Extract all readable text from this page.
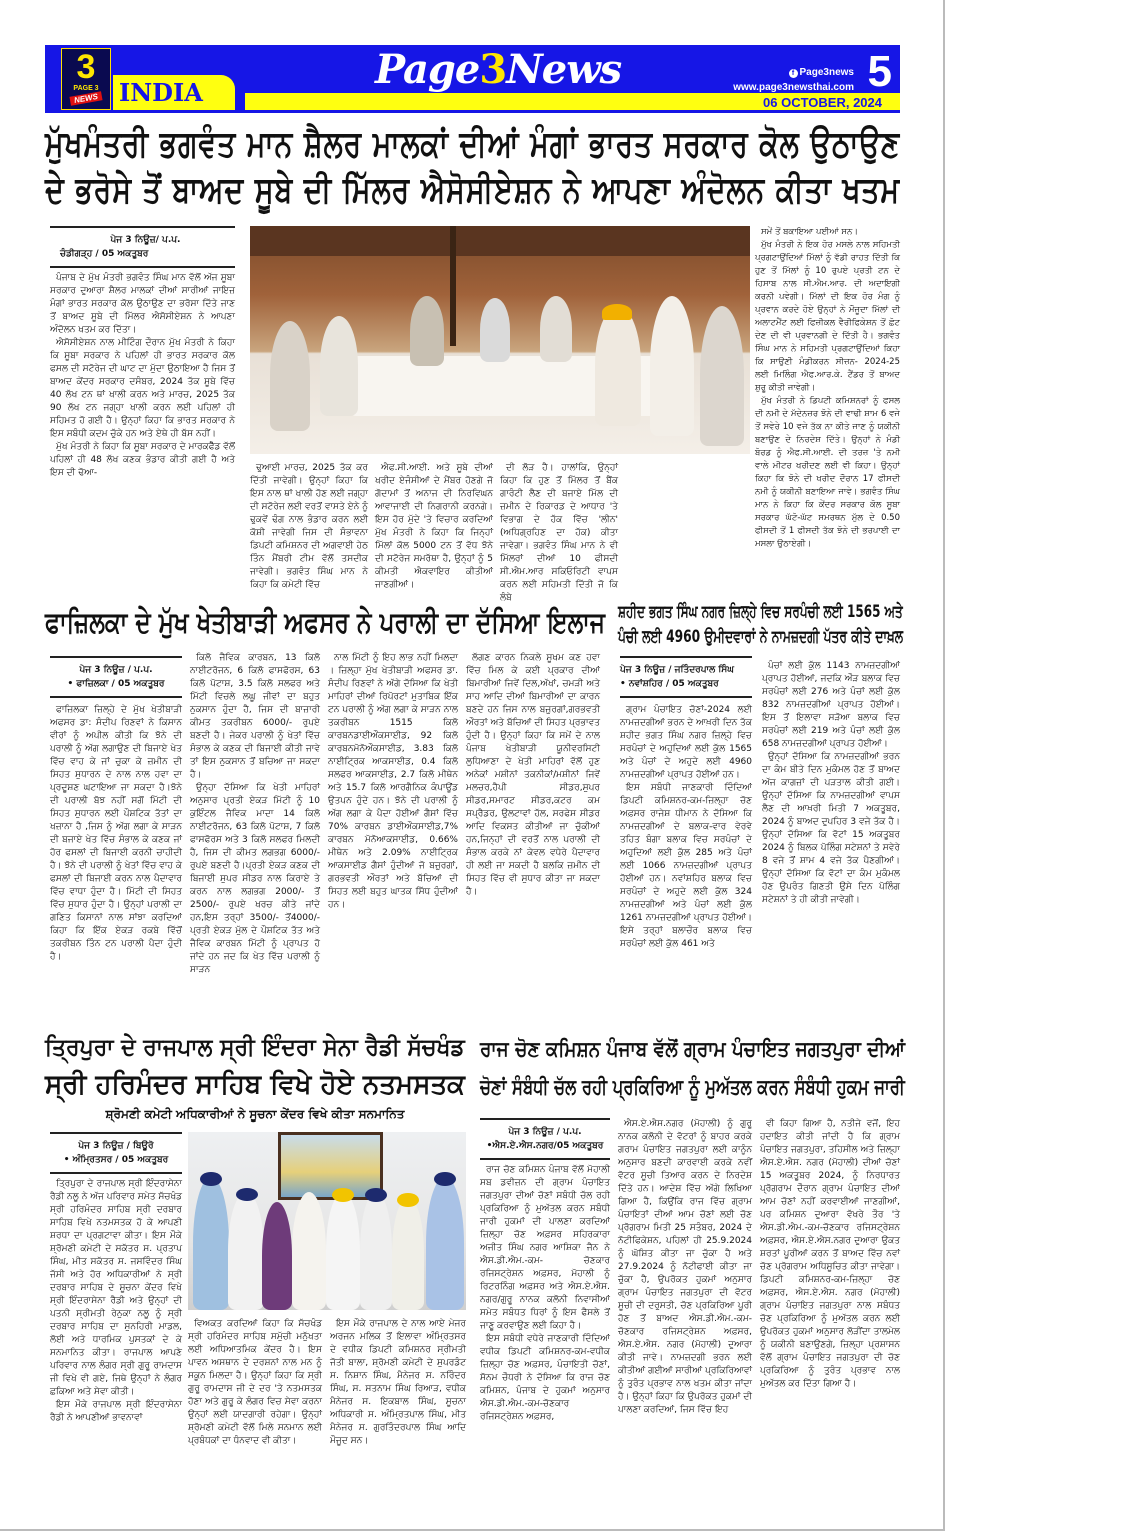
INDIA
3
PAGE 3
NEWS
Page3News	f Page3news
www.page3newsthai.com 5
06 OCTOBER, 2024
ਮੁੱਖਮੰਤਰੀ ਭਗਵੰਤ ਮਾਨ ਸ਼ੈਲਰ ਮਾਲਕਾਂ ਦੀਆਂ ਮੰਗਾਂ ਭਾਰਤ ਸਰਕਾਰ ਕੋਲ ਉਠਾਉਣ
ਦੇ ਭਰੋਸੇ ਤੋਂ ਬਾਅਦ ਸੂਬੇ ਦੀ ਮਿੱਲਰ ਐਸੋਸੀਏਸ਼ਨ ਨੇ ਆਪਣਾ ਅੰਦੋਲਨ ਕੀਤਾ ਖਤਮ
ਪੇਜ 3 ਨਿਊਜ਼/ ਪ.ਪ.
ਚੰਡੀਗੜ੍ਹ / 05 ਅਕਤੂਬਰ

ਪੰਜਾਬ ਦੇ ਮੁੱਖ ਮੰਤਰੀ ਭਗਵੰਤ ਸਿੰਘ ਮਾਨ ਵੱਲੋਂ ਅੱਜ ਸੂਬਾ ਸਰਕਾਰ ਦੁਆਰਾ ਸ਼ੈਲਰ ਮਾਲਕਾਂ ਦੀਆਂ ਸਾਰੀਆਂ ਜਾਇਜ਼ ਮੰਗਾਂ ਭਾਰਤ ਸਰਕਾਰ ਕੋਲ ਉਠਾਉਣ ਦਾ ਭਰੋਸਾ ਦਿੱਤੇ ਜਾਣ ਤੋਂ ਬਾਅਦ ਸੂਬੇ ਦੀ ਮਿੱਲਰ ਐਸੋਸੀਏਸ਼ਨ ਨੇ ਆਪਣਾ ਅੰਦੋਲਨ ਖਤਮ ਕਰ ਦਿੱਤਾ।

ਐਸੋਸੀਏਸ਼ਨ ਨਾਲ ਮੀਟਿੰਗ ਦੌਰਾਨ ਮੁੱਖ ਮੰਤਰੀ ਨੇ ਕਿਹਾ ਕਿ ਸੂਬਾ ਸਰਕਾਰ ਨੇ ਪਹਿਲਾਂ ਹੀ ਭਾਰਤ ਸਰਕਾਰ ਕੋਲ ਫਸਲ ਦੀ ਸਟੋਰੇਜ ਦੀ ਘਾਟ ਦਾ ਮੁੱਦਾ ਉਠਾਇਆ ਹੈ ਜਿਸ ਤੋਂ ਬਾਅਦ ਕੇਂਦਰ ਸਰਕਾਰ ਦਸੰਬਰ, 2024 ਤੱਕ ਸੂਬੇ ਵਿੱਚ 40 ਲੱਖ ਟਨ ਥਾਂ ਖਾਲੀ ਕਰਨ ਅਤੇ ਮਾਰਚ, 2025 ਤੱਕ 90 ਲੱਖ ਟਨ ਜਗ੍ਹਾ ਖਾਲੀ ਕਰਨ ਲਈ ਪਹਿਲਾਂ ਹੀ ਸਹਿਮਤ ਹੋ ਗਈ ਹੈ। ਉਨ੍ਹਾਂ ਕਿਹਾ ਕਿ ਭਾਰਤ ਸਰਕਾਰ ਨੇ ਇਸ ਸਬੰਧੀ ਕਦਮ ਚੁੱਕੇ ਹਨ ਅਤੇ ਏਥੇ ਹੀ ਬੱਸ ਨਹੀਂ।

ਮੁੱਖ ਮੰਤਰੀ ਨੇ ਕਿਹਾ ਕਿ ਸੂਬਾ ਸਰਕਾਰ ਦੇ ਮਾਰਕਫੈੱਡ ਵੱਲੋਂ ਪਹਿਲਾਂ ਹੀ 48 ਲੱਖ ਕਣਕ ਭੰਡਾਰ ਕੀਤੀ ਗਈ ਹੈ ਅਤੇ ਇਸ ਦੀ ਢੋਆ-	ਢੁਆਈ ਮਾਰਚ, 2025 ਤੱਕ ਕਰ ਦਿੱਤੀ ਜਾਵੇਗੀ। ਉਨ੍ਹਾਂ ਕਿਹਾ ਕਿ ਇਸ ਨਾਲ ਥਾਂ ਖਾਲੀ ਹੋਣ ਲਈ ਜਗ੍ਹਾ ਦੀ ਸਟੋਰੇਜ ਲਈ ਵਰਤੋਂ ਵਾਸਤੇ ਏਨੇ ਨੂੰ ਢੁਕਵੇਂ ਢੰਗ ਨਾਲ ਭੰਡਾਰ ਕਰਨ ਲਈ ਕੋਸ਼ੀ ਜਾਵੇਗੀ ਜਿਸ ਦੀ ਸੰਭਾਵਨਾ ਡਿਪਟੀ ਕਮਿਸ਼ਨਰ ਦੀ ਅਗਵਾਈ ਹੇਠ ਤਿੰਨ ਮੈਂਬਰੀ ਟੀਮ ਵੱਲੋਂ ਤਸਦੀਕ ਜਾਵੇਗੀ। ਭਗਵੰਤ ਸਿੰਘ ਮਾਨ ਨੇ ਕਿਹਾ ਕਿ ਕਮੇਟੀ ਵਿੱਚ

ਐਫ.ਸੀ.ਆਈ. ਅਤੇ ਸੂਬੇ ਦੀਆਂ ਖਰੀਦ ਏਜੰਸੀਆਂ ਦੇ ਮੈਂਬਰ ਹੋਣਗੇ ਜੋ ਗੋਦਾਮਾਂ ਤੋਂ ਅਨਾਜ ਦੀ ਨਿਰਵਿਘਨ ਆਵਾਜਾਈ ਦੀ ਨਿਗਰਾਨੀ ਕਰਨਗੇ। ਇਸ ਹੋਰ ਮੁੱਦੇ 'ਤੇ ਵਿਚਾਰ ਕਰਦਿਆਂ ਮੁੱਖ ਮੰਤਰੀ ਨੇ ਕਿਹਾ ਕਿ ਜਿਨ੍ਹਾਂ ਮਿੱਲਾਂ ਕੋਲ 5000 ਟਨ ਤੋਂ ਵੱਧ ਝੋਨੇ ਦੀ ਸਟੋਰੇਜ ਸਮਰੱਥਾ ਹੈ, ਉਨ੍ਹਾਂ ਨੂੰ 5 ਕੀਮਤੀ ਐਕਵਾਇਰ ਕੀਤੀਆਂ ਜਾਣਗੀਆਂ।

ਦੀ ਲੋੜ ਹੈ। ਹਾਲਾਂਕਿ, ਉਨ੍ਹਾਂ ਕਿਹਾ ਕਿ ਹੁਣ ਤੋਂ ਮਿੱਲਰ ਤੋਂ ਬੈਂਕ ਗਾਰੰਟੀ ਲੈਣ ਦੀ ਬਜਾਏ ਮਿੱਲ ਦੀ ਜ਼ਮੀਨ ਦੇ ਰਿਕਾਰਡ ਦੇ ਆਧਾਰ 'ਤੇ ਵਿਭਾਗ ਦੇ ਹੱਕ ਵਿੱਚ 'ਲੀਨ' (ਅਧਿਗ੍ਰਹਿਣ ਦਾ ਹੱਕ) ਕੀਤਾ ਜਾਵੇਗਾ। ਭਗਵੰਤ ਸਿੰਘ ਮਾਨ ਨੇ ਵੀ ਮਿੱਲਰਾਂ ਦੀਆਂ 10 ਫੀਸਦੀ ਸੀ.ਐਮ.ਆਰ ਸਕਿਓਰਿਟੀ ਵਾਪਸ ਕਰਨ ਲਈ ਸਹਿਮਤੀ ਦਿੱਤੀ ਜੋ ਕਿ ਲੰਬੇ

ਸਮੇਂ ਤੋਂ ਬਕਾਇਆ ਪਈਆਂ ਸਨ।

ਮੁੱਖ ਮੰਤਰੀ ਨੇ ਇਕ ਹੋਰ ਮਸਲੇ ਨਾਲ ਸਹਿਮਤੀ ਪ੍ਰਗਟਾਉਂਦਿਆਂ ਮਿੱਲਾਂ ਨੂੰ ਵੱਡੀ ਰਾਹਤ ਦਿੱਤੀ ਕਿ ਹੁਣ ਤੋਂ ਮਿੱਲਾਂ ਨੂੰ 10 ਰੁਪਏ ਪ੍ਰਤੀ ਟਨ ਦੇ ਹਿਸਾਬ ਨਾਲ ਸੀ.ਐਮ.ਆਰ. ਦੀ ਅਦਾਇਗੀ ਕਰਨੀ ਪਵੇਗੀ। ਮਿੱਲਾਂ ਦੀ ਇਕ ਹੋਰ ਮੰਗ ਨੂੰ ਪ੍ਰਵਾਨ ਕਰਦੇ ਹੋਏ ਉਨ੍ਹਾਂ ਨੇ ਮੌਜੂਦਾ ਮਿੱਲਾਂ ਦੀ ਅਲਾਟਮੈਂਟ ਲਈ ਫਿਜ਼ੀਕਲ ਵੈਰੀਫਿਕੇਸ਼ਨ ਤੋਂ ਛੋਟ ਦੇਣ ਦੀ ਵੀ ਪ੍ਰਵਾਨਗੀ ਦੇ ਦਿੱਤੀ ਹੈ। ਭਗਵੰਤ ਸਿੰਘ ਮਾਨ ਨੇ ਸਹਿਮਤੀ ਪ੍ਰਗਟਾਉਂਦਿਆਂ ਕਿਹਾ ਕਿ ਸਾਉਣੀ ਮੰਡੀਕਰਨ ਸੀਜ਼ਨ- 2024-25 ਲਈ ਮਿਲਿੰਗ ਐਫ.ਆਰ.ਕੇ. ਟੈਂਡਰ ਤੋਂ ਬਾਅਦ ਸ਼ੁਰੂ ਕੀਤੀ ਜਾਵੇਗੀ।

ਮੁੱਖ ਮੰਤਰੀ ਨੇ ਡਿਪਟੀ ਕਮਿਸ਼ਨਰਾਂ ਨੂੰ ਫਸਲ ਦੀ ਨਮੀ ਦੇ ਮੱਦੇਨਜ਼ਰ ਝੋਨੇ ਦੀ ਵਾਢੀ ਸ਼ਾਮ 6 ਵਜੇ ਤੋਂ ਸਵੇਰੇ 10 ਵਜੇ ਤੱਕ ਨਾ ਕੀਤੇ ਜਾਣ ਨੂੰ ਯਕੀਨੀ ਬਣਾਉਣ ਦੇ ਨਿਰਦੇਸ਼ ਦਿੱਤੇ। ਉਨ੍ਹਾਂ ਨੇ ਮੰਡੀ ਬੋਰਡ ਨੂੰ ਐਫ.ਸੀ.ਆਈ. ਦੀ ਤਰਜ਼ 'ਤੇ ਨਮੀ ਵਾਲੇ ਮੀਟਰ ਖਰੀਦਣ ਲਈ ਵੀ ਕਿਹਾ। ਉਨ੍ਹਾਂ ਕਿਹਾ ਕਿ ਝੋਨੇ ਦੀ ਖਰੀਦ ਦੌਰਾਨ 17 ਫੀਸਦੀ ਨਮੀ ਨੂੰ ਯਕੀਨੀ ਬਣਾਇਆ ਜਾਵੇ। ਭਗਵੰਤ ਸਿੰਘ ਮਾਨ ਨੇ ਕਿਹਾ ਕਿ ਕੇਂਦਰ ਸਰਕਾਰ ਕੋਲ ਸੂਬਾ ਸਰਕਾਰ ਘੱਟੋ-ਘੱਟ ਸਮਰਥਨ ਮੁੱਲ ਦੇ 0.50 ਫੀਸਦੀ ਤੋਂ 1 ਫੀਸਦੀ ਤੱਕ ਝੋਨੇ ਦੀ ਭਰਪਾਈ ਦਾ ਮਸਲਾ ਉਠਾਏਗੀ।

ਫਾਜ਼ਿਲਕਾ ਦੇ ਮੁੱਖ ਖੇਤੀਬਾੜੀ ਅਫਸਰ ਨੇ ਪਰਾਲੀ ਦਾ ਦੱਸਿਆ ਇਲਾਜ
ਪੇਜ 3 ਨਿਊਜ਼ / ਪ.ਪ.
• ਫਾਜ਼ਿਲਕਾ / 05 ਅਕਤੂਬਰ

ਫਾਜ਼ਿਲਕਾ ਜ਼ਿਲ੍ਹੇ ਦੇ ਮੁੱਖ ਖੇਤੀਬਾੜੀ ਅਫਸਰ ਡਾ: ਸੰਦੀਪ ਰਿਣਵਾਂ ਨੇ ਕਿਸਾਨ ਵੀਰਾਂ ਨੂੰ ਅਪੀਲ ਕੀਤੀ ਕਿ ਝੋਨੇ ਦੀ ਪਰਾਲੀ ਨੂੰ ਅੱਗ ਲਗਾਉਣ ਦੀ ਬਿਜਾਏ ਖੇਤ ਵਿੱਚ ਵਾਹ ਕੇ ਜਾਂ ਚੁਕਾ ਕੇ ਜ਼ਮੀਨ ਦੀ ਸਿਹਤ ਸੁਧਾਰਨ ਦੇ ਨਾਲ ਨਾਲ ਹਵਾ ਦਾ ਪ੍ਰਦੂਸ਼ਣ ਘਟਾਇਆ ਜਾ ਸਕਦਾ ਹੈ।ਝੋਨੇ ਦੀ ਪਰਾਲੀ ਬੋਝ ਨਹੀਂ ਸਗੋਂ ਮਿੱਟੀ ਦੀ ਸਿਹਤ ਸੁਧਾਰਨ ਲਈ ਪੌਸ਼ਟਿਕ ਤੱਤਾਂ ਦਾ ਖਜ਼ਾਨਾ ਹੈ ,ਜਿਸ ਨੂੰ ਅੱਗ ਲਗਾ ਕੇ ਸਾੜਨ ਦੀ ਬਜਾਏ ਖੇਤ ਵਿੱਚ ਸੰਭਾਲ ਕੇ ਕਣਕ ਜਾਂ ਹੋਰ ਫਸਲਾਂ ਦੀ ਬਿਜਾਈ ਕਰਨੀ ਚਾਹੀਦੀ ਹੈ। ਝੋਨੇ ਦੀ ਪਰਾਲੀ ਨੂੰ ਖੇਤਾਂ ਵਿੱਚ ਵਾਹ ਕੇ ਫਸਲਾਂ ਦੀ ਬਿਜਾਈ ਕਰਨ ਨਾਲ ਪੈਦਾਵਾਰ ਵਿੱਚ ਵਾਧਾ ਹੁੰਦਾ ਹੈ। ਮਿੱਟੀ ਦੀ ਸਿਹਤ ਵਿੱਚ ਸੁਧਾਰ ਹੁੰਦਾ ਹੈ। ਉਨ੍ਹਾਂ ਪਰਾਲੀ ਦਾ ਗਣਿਤ ਕਿਸਾਨਾਂ ਨਾਲ ਸਾਂਝਾ ਕਰਦਿਆਂ ਕਿਹਾ ਕਿ ਇੱਕ ਏਕੜ ਰਕਬੇ ਵਿੱਚੋਂ ਤਕਰੀਬਨ ਤਿੰਨ ਟਨ ਪਰਾਲੀ ਪੈਦਾ ਹੁੰਦੀ ਹੈ।

ਕਿਲੋ ਜੈਵਿਕ ਕਾਰਬਨ, 13 ਕਿਲੋ ਨਾਈਟਰੋਜਨ, 6 ਕਿਲੋ ਫਾਸਫੋਰਸ, 63 ਕਿਲੋ ਪੋਟਾਸ਼, 3.5 ਕਿਲੋ ਸਲਫਰ ਅਤੇ ਮਿੱਟੀ ਵਿਚਲੇ ਲਘੂ ਜੀਵਾਂ ਦਾ ਬਹੁਤ ਨੁਕਸਾਨ ਹੁੰਦਾ ਹੈ, ਜਿਸ ਦੀ ਬਾਜ਼ਾਰੀ ਕੀਮਤ ਤਕਰੀਬਨ 6000/- ਰੁਪਏ ਬਣਦੀ ਹੈ। ਜੇਕਰ ਪਰਾਲੀ ਨੂੰ ਖੇਤਾਂ ਵਿੱਚ ਸੰਭਾਲ ਕੇ ਕਣਕ ਦੀ ਬਿਜਾਈ ਕੀਤੀ ਜਾਵੇ ਤਾਂ ਇਸ ਨੁਕਸਾਨ ਤੋਂ ਬਚਿਆ ਜਾ ਸਕਦਾ ਹੈ।

ਉਨ੍ਹਾ ਦੱਸਿਆ ਕਿ ਖੇਤੀ ਮਾਹਿਰਾਂ ਅਨੁਸਾਰ ਪ੍ਰਤੀ ਏਕੜ ਮਿੱਟੀ ਨੂੰ 10 ਕੁਇੰਟਲ ਜੈਵਿਕ ਮਾਦਾ 14 ਕਿਲੋ ਨਾਈਟਰੋਜਨ, 63 ਕਿਲੋ ਪੋਟਾਸ਼, 7 ਕਿਲੋ ਫਾਸਫੋਰਸ ਅਤੇ 3 ਕਿਲੋ ਸਲਫਰ ਮਿਲਦੀ ਹੈ, ਜਿਸ ਦੀ ਕੀਮਤ ਲਗਭਗ 6000/- ਰੁਪਏ ਬਣਦੀ ਹੈ।ਪ੍ਰਤੀ ਏਕੜ ਕਣਕ ਦੀ ਬਿਜਾਈ ਸੁਪਰ ਸੀਡਰ ਨਾਲ ਕਿਰਾਏ ਤੇ ਕਰਨ ਨਾਲ ਲਗਭਗ 2000/- ਤੋਂ 2500/- ਰੁਪਏ ਖਰਚ ਕੀਤੇ ਜਾਂਦੇ ਹਨ,ਇਸ ਤਰ੍ਹਾਂ 3500/- ਤੋਂ4000/-ਪ੍ਰਤੀ ਏਕੜ ਮੁੱਲ ਦੇ ਪੌਸ਼ਟਿਕ ਤੱਤ ਅਤੇ ਜੈਵਿਕ ਕਾਰਬਨ ਮਿੱਟੀ ਨੂੰ ਪ੍ਰਾਪਤ ਹੋ ਜਾਂਦੇ ਹਨ ਜਦ ਕਿ ਖੇਤ ਵਿੱਚ ਪਰਾਲੀ ਨੂੰ ਸਾੜਨ

ਨਾਲ ਮਿੱਟੀ ਨੂੰ ਇਹ ਲਾਭ ਨਹੀਂ ਮਿਲਦਾ । ਜ਼ਿਲ੍ਹਾ ਮੁੱਖ ਖੇਤੀਬਾੜੀ ਅਫਸਰ ਡਾ. ਸੰਦੀਪ ਰਿਣਵਾਂ ਨੇ ਅੱਗੇ ਦੱਸਿਆ ਕਿ ਖੇਤੀ ਮਾਹਿਰਾਂ ਦੀਆਂ ਰਿਪੋਰਟਾਂ ਮੁਤਾਬਿਕ ਇੱਕ ਟਨ ਪਰਾਲੀ ਨੂੰ ਅੱਗ ਲਗਾ ਕੇ ਸਾੜਨ ਨਾਲ ਤਕਰੀਬਨ 1515 ਕਿਲੋ ਕਾਰਬਨਡਾਈਔਕਸਾਈਡ, 92 ਕਿਲੋ ਕਾਰਬਨਮੋਨੋਔਕਸਾਈਡ, 3.83 ਕਿਲੋ ਨਾਈਟ੍ਰਿਕ ਆਕਸਾਈਡ, 0.4 ਕਿਲੋ ਸਲਫਰ ਆਕਸਾਈਡ, 2.7 ਕਿਲੋ ਮੀਥੇਨ ਅਤੇ 15.7 ਕਿਲੋ ਆਰਗੈਨਿਕ ਕੰਪਾਊਂਡ ਉਤਪਨ ਹੁੰਦੇ ਹਨ। ਝੋਨੇ ਦੀ ਪਰਾਲੀ ਨੂੰ ਅੱਗ ਲਗਾ ਕੇ ਪੈਦਾ ਹੋਈਆਂ ਗੈਸਾਂ ਵਿੱਚ 70% ਕਾਰਬਨ ਡਾਈਔਕਸਾਈਡ,7% ਕਾਰਬਨ ਮੋਨੋਆਕਸਾਈਡ, 0.66% ਮੀਥੇਨ ਅਤੇ 2.09% ਨਾਈਟ੍ਰਿਕ ਆਕਸਾਈਡ ਗੈਸਾਂ ਹੁੰਦੀਆਂ ਜੋ ਬਜ਼ੁਰਗਾਂ, ਗਰਭਵਤੀ ਔਰਤਾਂ ਅਤੇ ਬੱਚਿਆਂ ਦੀ ਸਿਹਤ ਲਈ ਬਹੁਤ ਘਾਤਕ ਸਿੱਧ ਹੁੰਦੀਆਂ ਹਨ।

ਲੱਗਣ ਕਾਰਨ ਨਿਕਲੇ ਸੂਖਮ ਕਣ ਹਵਾ ਵਿੱਚ ਮਿਲ ਕੇ ਕਈ ਪ੍ਰਕਾਰ ਦੀਆਂ ਬਿਮਾਰੀਆਂ ਜਿਵੇਂ ਦਿਲ,ਅੱਖਾਂ, ਚਮੜੀ ਅਤੇ ਸਾਹ ਆਦਿ ਦੀਆਂ ਬਿਮਾਰੀਆਂ ਦਾ ਕਾਰਨ ਬਣਦੇ ਹਨ ਜਿਸ ਨਾਲ ਬਜ਼ੁਰਗਾਂ,ਗਰਭਵਤੀ ਔਰਤਾਂ ਅਤੇ ਬੱਚਿਆਂ ਦੀ ਸਿਹਤ ਪ੍ਰਭਾਵਤ ਹੁੰਦੀ ਹੈ। ਉਨ੍ਹਾਂ ਕਿਹਾ ਕਿ ਸਮੇਂ ਦੇ ਨਾਲ ਪੰਜਾਬ ਖੇਤੀਬਾੜੀ ਯੂਨੀਵਰਸਿਟੀ ਲੁਧਿਆਣਾ ਦੇ ਖੇਤੀ ਮਾਹਿਰਾਂ ਵੱਲੋਂ ਹੁਣ ਅਨੇਕਾਂ ਮਸ਼ੀਨਾਂ ਤਕਨੀਕਾਂ/ਮਸ਼ੀਨਾਂ ਜਿਵੇਂ ਮਲਚਰ,ਹੈਪੀ ਸੀਡਰ,ਸੁਪਰ ਸੀਡਰ,ਸਮਾਰਟ ਸੀਡਰ,ਕਟਰ ਕਮ ਸਪ੍ਰੈਡਰ, ਉਲਟਾਵਾਂ ਹੱਲ, ਸਰਫੇਸ ਸੀਡਰ ਆਦਿ ਵਿਕਸਤ ਕੀਤੀਆਂ ਜਾ ਚੁੱਕੀਆਂ ਹਨ,ਜਿਨ੍ਹਾਂ ਦੀ ਵਰਤੋਂ ਨਾਲ ਪਰਾਲੀ ਦੀ ਸੰਭਾਲ ਕਰਕੇ ਨਾਂ ਕੇਵਲ ਵਧੇਰੇ ਪੈਦਾਵਾਰ ਹੀ ਲਈ ਜਾ ਸਕਦੀ ਹੈ ਬਲਕਿ ਜ਼ਮੀਨ ਦੀ ਸਿਹਤ ਵਿੱਚ ਵੀ ਸੁਧਾਰ ਕੀਤਾ ਜਾ ਸਕਦਾ ਹੈ।

ਸ਼ਹੀਦ ਭਗਤ ਸਿੰਘ ਨਗਰ ਜ਼ਿਲ੍ਹੇ ਵਿਚ ਸਰਪੰਚੀ ਲਈ 1565 ਅਤੇ
ਪੰਚੀ ਲਈ 4960 ਉਮੀਦਵਾਰਾਂ ਨੇ ਨਾਮਜ਼ਦਗੀ ਪੱਤਰ ਕੀਤੇ ਦਾਖ਼ਲ
ਪੇਜ 3 ਨਿਊਜ਼ / ਜਤਿੰਦਰਪਾਲ ਸਿੰਘ
• ਨਵਾਂਸ਼ਹਿਰ / 05 ਅਕਤੂਬਰ

ਗ੍ਰਾਮ ਪੰਚਾਇਤ ਚੋਣਾਂ-2024 ਲਈ ਨਾਮਜ਼ਦਗੀਆਂ ਭਰਨ ਦੇ ਆਖ਼ਰੀ ਦਿਨ ਤੱਕ ਸ਼ਹੀਦ ਭਗਤ ਸਿੰਘ ਨਗਰ ਜ਼ਿਲ੍ਹੇ ਵਿਚ ਸਰਪੰਚਾਂ ਦੇ ਅਹੁਦਿਆਂ ਲਈ ਕੁੱਲ 1565 ਅਤੇ ਪੰਚਾਂ ਦੇ ਅਹੁਦੇ ਲਈ 4960 ਨਾਮਜ਼ਦਗੀਆਂ ਪ੍ਰਾਪਤ ਹੋਈਆਂ ਹਨ।

ਇਸ ਸਬੰਧੀ ਜਾਣਕਾਰੀ ਦਿੰਦਿਆਂ ਡਿਪਟੀ ਕਮਿਸ਼ਨਰ-ਕਮ-ਜ਼ਿਲ੍ਹਾ ਚੋਣ ਅਫ਼ਸਰ ਰਾਜੇਸ਼ ਧੀਮਾਨ ਨੇ ਦੱਸਿਆ ਕਿ ਨਾਮਜ਼ਦਗੀਆਂ ਦੇ ਬਲਾਕ-ਵਾਰ ਵੇਰਵੇ ਤਹਿਤ ਬੰਗਾ ਬਲਾਕ ਵਿਚ ਸਰਪੰਚਾਂ ਦੇ ਅਹੁਦਿਆਂ ਲਈ ਕੁੱਲ 285 ਅਤੇ ਪੰਚਾਂ ਲਈ 1066 ਨਾਮਜ਼ਦਗੀਆਂ ਪ੍ਰਾਪਤ ਹੋਈਆਂ ਹਨ। ਨਵਾਂਸ਼ਹਿਰ ਬਲਾਕ ਵਿਚ ਸਰਪੰਚਾਂ ਦੇ ਅਹੁਦੇ ਲਈ ਕੁੱਲ 324 ਨਾਮਜ਼ਦਗੀਆਂ ਅਤੇ ਪੰਚਾਂ ਲਈ ਕੁੱਲ 1261 ਨਾਮਜ਼ਦਗੀਆਂ ਪ੍ਰਾਪਤ ਹੋਈਆਂ। ਇਸੇ ਤਰ੍ਹਾਂ ਬਲਾਚੌਰ ਬਲਾਕ ਵਿਚ ਸਰਪੰਚਾਂ ਲਈ ਕੁੱਲ 461 ਅਤੇ

ਪੰਚਾਂ ਲਈ ਕੁੱਲ 1143 ਨਾਮਜ਼ਦਗੀਆਂ ਪ੍ਰਾਪਤ ਹੋਈਆਂ, ਜਦਕਿ ਔੜ ਬਲਾਕ ਵਿਚ ਸਰਪੰਚਾਂ ਲਈ 276 ਅਤੇ ਪੰਚਾਂ ਲਈ ਕੁੱਲ 832 ਨਾਮਜ਼ਦਗੀਆਂ ਪ੍ਰਾਪਤ ਹੋਈਆਂ। ਇਸ ਤੋਂ ਇਲਾਵਾ ਸੜੋਆ ਬਲਾਕ ਵਿਚ ਸਰਪੰਚਾਂ ਲਈ 219 ਅਤੇ ਪੰਚਾਂ ਲਈ ਕੁੱਲ 658 ਨਾਮਜ਼ਦਗੀਆਂ ਪ੍ਰਾਪਤ ਹੋਈਆਂ।

ਉਨ੍ਹਾਂ ਦੱਸਿਆ ਕਿ ਨਾਮਜ਼ਦਗੀਆਂ ਭਰਨ ਦਾ ਕੰਮ ਬੀਤੇ ਦਿਨ ਮੁਕੰਮਲ ਹੋਣ ਤੋਂ ਬਾਅਦ ਅੱਜ ਕਾਗਜ਼ਾਂ ਦੀ ਪੜਤਾਲ ਕੀਤੀ ਗਈ। ਉਨ੍ਹਾਂ ਦੱਸਿਆ ਕਿ ਨਾਮਜ਼ਦਗੀਆਂ ਵਾਪਸ ਲੈਣ ਦੀ ਆਖ਼ਰੀ ਮਿਤੀ 7 ਅਕਤੂਬਰ, 2024 ਨੂੰ ਬਾਅਦ ਦੁਪਹਿਰ 3 ਵਜੇ ਤੱਕ ਹੈ। ਉਨ੍ਹਾਂ ਦੱਸਿਆ ਕਿ ਵੋਟਾਂ 15 ਅਕਤੂਬਰ 2024 ਨੂੰ ਬਿਲਕ ਪੋਲਿੰਗ ਸਟੇਸ਼ਨਾਂ ਤੇ ਸਵੇਰੇ 8 ਵਜੇ ਤੋਂ ਸ਼ਾਮ 4 ਵਜੇ ਤੱਕ ਪੈਣਗੀਆਂ। ਉਨ੍ਹਾਂ ਦੱਸਿਆ ਕਿ ਵੋਟਾਂ ਦਾ ਕੰਮ ਮੁਕੰਮਲ ਹੋਣ ਉਪਰੰਤ ਗਿਣਤੀ ਉਸੇ ਦਿਨ ਪੋਲਿੰਗ ਸਟੇਸ਼ਨਾਂ ਤੇ ਹੀ ਕੀਤੀ ਜਾਵੇਗੀ।

ਤ੍ਰਿਪੁਰਾ ਦੇ ਰਾਜਪਾਲ ਸ੍ਰੀ ਇੰਦਰਾ ਸੇਨਾ ਰੈਡੀ ਸੱਚਖੰਡ
ਸ੍ਰੀ ਹਰਿਮੰਦਰ ਸਾਹਿਬ ਵਿਖੇ ਹੋਏ ਨਤਮਸਤਕ
ਸ਼੍ਰੋਮਣੀ ਕਮੇਟੀ ਅਧਿਕਾਰੀਆਂ ਨੇ ਸੂਚਨਾ ਕੇਂਦਰ ਵਿਖੇ ਕੀਤਾ ਸਨਮਾਨਿਤ
ਪੇਜ 3 ਨਿਊਜ਼ / ਬਿਊਰੋ
• ਅੰਮ੍ਰਿਤਸਰ / 05 ਅਕਤੂਬਰ

ਤ੍ਰਿਪੁਰਾ ਦੇ ਰਾਜਪਾਲ ਸ੍ਰੀ ਇੰਦਰਾਸੇਨਾ ਰੈਡੀ ਨਲੂ ਨੇ ਅੱਜ ਪਰਿਵਾਰ ਸਮੇਤ ਸੱਚਖੰਡ ਸ੍ਰੀ ਹਰਿਮੰਦਰ ਸਾਹਿਬ ਸ੍ਰੀ ਦਰਬਾਰ ਸਾਹਿਬ ਵਿਖੇ ਨਤਮਸਤਕ ਹੋ ਕੇ ਆਪਣੀ ਸ਼ਰਧਾ ਦਾ ਪ੍ਰਗਟਾਵਾ ਕੀਤਾ। ਇਸ ਮੌਕੇ ਸ਼੍ਰੋਮਣੀ ਕਮੇਟੀ ਦੇ ਸਕੱਤਰ ਸ. ਪ੍ਰਤਾਪ ਸਿੰਘ, ਮੀਤ ਸਕੱਤਰ ਸ. ਜਸਵਿੰਦਰ ਸਿੰਘ ਜੱਸੀ ਅਤੇ ਹੋਰ ਅਧਿਕਾਰੀਆਂ ਨੇ ਸ੍ਰੀ ਦਰਬਾਰ ਸਾਹਿਬ ਦੇ ਸੂਚਨਾ ਕੇਂਦਰ ਵਿਖੇ ਸ੍ਰੀ ਇੰਦਰਾਸੇਨਾ ਰੈਡੀ ਅਤੇ ਉਨ੍ਹਾਂ ਦੀ ਪਤਨੀ ਸ੍ਰੀਮਤੀ ਰੇਨੁਕਾ ਨਲੂ ਨੂੰ ਸ੍ਰੀ ਦਰਬਾਰ ਸਾਹਿਬ ਦਾ ਸੁਨਹਿਰੀ ਮਾਡਲ, ਲੋਈ ਅਤੇ ਧਾਰਮਿਕ ਪੁਸਤਕਾਂ ਦੇ ਕੇ ਸਨਮਾਨਿਤ ਕੀਤਾ। ਰਾਜਪਾਲ ਆਪਣੇ ਪਰਿਵਾਰ ਨਾਲ ਲੰਗਰ ਸ੍ਰੀ ਗੁਰੂ ਰਾਮਦਾਸ ਜੀ ਵਿਖੇ ਵੀ ਗਏ, ਜਿਥੇ ਉਨ੍ਹਾਂ ਨੇ ਲੰਗਰ ਛਕਿਆ ਅਤੇ ਸੇਵਾ ਕੀਤੀ।

ਇਸ ਮੌਕੇ ਰਾਜਪਾਲ ਸ੍ਰੀ ਇੰਦਰਾਸੇਨਾ ਰੈਡੀ ਨੇ ਆਪਣੀਆਂ ਭਾਵਨਾਵਾਂ

ਵਿਅਕਤ ਕਰਦਿਆਂ ਕਿਹਾ ਕਿ ਸੱਚਖੰਡ ਸ੍ਰੀ ਹਰਿਮੰਦਰ ਸਾਹਿਬ ਸਮੁੱਚੀ ਮਨੁੱਖਤਾ ਲਈ ਅਧਿਆਤਮਿਕ ਕੇਂਦਰ ਹੈ। ਇਸ ਪਾਵਨ ਅਸਥਾਨ ਦੇ ਦਰਸ਼ਨਾਂ ਨਾਲ ਮਨ ਨੂੰ ਸਕੂਨ ਮਿਲਦਾ ਹੈ। ਉਨ੍ਹਾਂ ਕਿਹਾ ਕਿ ਸ੍ਰੀ ਗੁਰੂ ਰਾਮਦਾਸ ਜੀ ਦੇ ਦਰ 'ਤੇ ਨਤਮਸਤਕ ਹੋਣਾ ਅਤੇ ਗੁਰੂ ਕੇ ਲੰਗਰ ਵਿਚ ਸੇਵਾ ਕਰਨਾ ਉਨ੍ਹਾਂ ਲਈ ਯਾਦਗਾਰੀ ਰਹੇਗਾ। ਉਨ੍ਹਾਂ ਸ਼੍ਰੋਮਣੀ ਕਮੇਟੀ ਵੱਲੋਂ ਮਿਲੇ ਸਨਮਾਨ ਲਈ ਪ੍ਰਬੰਧਕਾਂ ਦਾ ਧੰਨਵਾਦ ਵੀ ਕੀਤਾ।

ਇਸ ਮੌਕੇ ਰਾਜਪਾਲ ਦੇ ਨਾਲ ਆਏ ਮੇਜਰ ਅਰਜਨ ਮਲਿਕ ਤੋਂ ਇਲਾਵਾ ਅੰਮ੍ਰਿਤਸਰ ਦੇ ਵਧੀਕ ਡਿਪਟੀ ਕਮਿਸ਼ਨਰ ਸ੍ਰੀਮਤੀ ਜੋਤੀ ਬਾਲਾ, ਸ਼੍ਰੋਮਣੀ ਕਮੇਟੀ ਦੇ ਸੁਪਰਡੰਟ ਸ. ਨਿਸ਼ਾਨ ਸਿੰਘ, ਮੈਨੇਜਰ ਸ. ਨਰਿੰਦਰ ਸਿੰਘ, ਸ. ਸਤਨਾਮ ਸਿੰਘ ਰਿਆੜ, ਵਧੀਕ ਮੈਨੇਜਰ ਸ. ਇਕਬਾਲ ਸਿੰਘ, ਸੂਚਨਾ ਅਧਿਕਾਰੀ ਸ. ਅੰਮ੍ਰਿਤਪਾਲ ਸਿੰਘ, ਮੀਤ ਮੈਨੇਜਰ ਸ. ਗੁਰਤਿੰਦਰਪਾਲ ਸਿੰਘ ਆਦਿ ਮੌਜੂਦ ਸਨ।

ਰਾਜ ਚੋਣ ਕਮਿਸ਼ਨ ਪੰਜਾਬ ਵੱਲੋਂ ਗ੍ਰਾਮ ਪੰਚਾਇਤ ਜਗਤਪੁਰਾ ਦੀਆਂ
ਚੋਣਾਂ ਸੰਬੰਧੀ ਚੱਲ ਰਹੀ ਪ੍ਰਕਿਰਿਆ ਨੂੰ ਮੁਅੱਤਲ ਕਰਨ ਸੰਬੰਧੀ ਹੁਕਮ ਜਾਰੀ
ਪੇਜ 3 ਨਿਊਜ਼ / ਪ.ਪ.
•ਐਸ.ਏ.ਐਸ.ਨਗਰ/05 ਅਕਤੂਬਰ

ਰਾਜ ਚੋਣ ਕਮਿਸ਼ਨ ਪੰਜਾਬ ਵੱਲੋਂ ਮੋਹਾਲੀ ਸਬ ਡਵੀਜ਼ਨ ਦੀ ਗ੍ਰਾਮ ਪੰਚਾਇਤ ਜਗਤਪੁਰਾ ਦੀਆਂ ਚੋਣਾਂ ਸਬੰਧੀ ਚੱਲ ਰਹੀ ਪ੍ਰਕਿਰਿਆ ਨੂੰ ਮੁਅੱਤਲ ਕਰਨ ਸਬੰਧੀ ਜਾਰੀ ਹੁਕਮਾਂ ਦੀ ਪਾਲਣਾ ਕਰਦਿਆਂ ਜ਼ਿਲ੍ਹਾ ਚੋਣ ਅਫ਼ਸਰ ਸਹਿਰਕਾਰਾ ਅਜੀਤ ਸਿੰਘ ਨਗਰ ਆਸ਼ਿਕਾ ਜੈਨ ਨੇ ਐਸ.ਡੀ.ਐਮ.-ਕਮ- ਚੋਣਕਾਰ ਰਜਿਸਟ੍ਰੇਸ਼ਨ ਅਫ਼ਸਰ, ਮੋਹਾਲੀ ਨੂੰ ਰਿਟਰਨਿੰਗ ਅਫ਼ਸਰ ਅਤੇ ਐਸ.ਏ.ਐਸ. ਨਗਰ/ਗੁਰੂ ਨਾਨਕ ਕਲੋਨੀ ਨਿਵਾਸੀਆਂ ਸਮੇਤ ਸਬੰਧਤ ਧਿਰਾਂ ਨੂੰ ਇਸ ਫੈਸਲੇ ਤੋਂ ਜਾਣੂ ਕਰਵਾਉਣ ਲਈ ਕਿਹਾ ਹੈ।

ਇਸ ਸਬੰਧੀ ਵਧੇਰੇ ਜਾਣਕਾਰੀ ਦਿੰਦਿਆਂ ਵਧੀਕ ਡਿਪਟੀ ਕਮਿਸ਼ਨਰ-ਕਮ-ਵਧੀਕ ਜ਼ਿਲ੍ਹਾ ਚੋਣ ਅਫ਼ਸਰ, ਪੰਚਾਇਤੀ ਚੋਣਾਂ, ਸੋਨਮ ਚੌਧਰੀ ਨੇ ਦੱਸਿਆ ਕਿ ਰਾਜ ਚੋਣ ਕਮਿਸ਼ਨ, ਪੰਜਾਬ ਦੇ ਹੁਕਮਾਂ ਅਨੁਸਾਰ ਐਸ.ਡੀ.ਐਮ.-ਕਮ-ਚੋਣਕਾਰ ਰਜਿਸਟ੍ਰੇਸ਼ਨ ਅਫ਼ਸਰ,

ਐਸ.ਏ.ਐਸ.ਨਗਰ (ਮੋਹਾਲੀ) ਨੂੰ ਗੁਰੂ ਨਾਨਕ ਕਲੋਨੀ ਦੇ ਵੋਟਰਾਂ ਨੂੰ ਬਾਹਰ ਕਰਕੇ ਗਰਾਮ ਪੰਚਾਇਤ ਜਗਤਪੁਰਾ ਲਈ ਕਾਨੂੰਨ ਅਨੁਸਾਰ ਬਣਦੀ ਕਾਰਵਾਈ ਕਰਕੇ ਨਵੀਂ ਵੋਟਰ ਸੂਚੀ ਤਿਆਰ ਕਰਨ ਦੇ ਨਿਰਦੇਸ਼ ਦਿੱਤੇ ਹਨ। ਆਦੇਸ਼ ਵਿੱਚ ਅੱਗੇ ਲਿਖਿਆ ਗਿਆ ਹੈ, ਕਿਉਂਕਿ ਰਾਜ ਵਿੱਚ ਗ੍ਰਾਮ ਪੰਚਾਇਤਾਂ ਦੀਆਂ ਆਮ ਚੋਣਾਂ ਲਈ ਚੋਣ ਪ੍ਰੋਗਰਾਮ ਮਿਤੀ 25 ਸਤੰਬਰ, 2024 ਦੇ ਨੋਟੀਫਿਕੇਸ਼ਨ, ਪਹਿਲਾਂ ਹੀ 25.9.2024 ਨੂੰ ਘੋਸ਼ਿਤ ਕੀਤਾ ਜਾ ਚੁੱਕਾ ਹੈ ਅਤੇ 27.9.2024 ਨੂੰ ਨੋਟੀਫਾਈ ਕੀਤਾ ਜਾ ਚੁੱਕਾ ਹੈ, ਉਪਰੋਕਤ ਹੁਕਮਾਂ ਅਨੁਸਾਰ ਗ੍ਰਾਮ ਪੰਚਾਇਤ ਜਗਤਪੁਰਾ ਦੀ ਵੋਟਰ ਸੂਚੀ ਦੀ ਦਰੁਸਤੀ, ਚੋਣ ਪ੍ਰਕਿਰਿਆ ਪੂਰੀ ਹੋਣ ਤੋਂ ਬਾਅਦ ਐਸ.ਡੀ.ਐਮ.-ਕਮ-ਚੋਣਕਾਰ ਰਜਿਸਟ੍ਰੇਸ਼ਨ ਅਫ਼ਸਰ, ਐਸ.ਏ.ਐਸ. ਨਗਰ (ਮੋਹਾਲੀ) ਦੁਆਰਾ ਕੀਤੀ ਜਾਵੇ। ਨਾਮਜ਼ਦਗੀ ਭਰਨ ਲਈ ਕੀਤੀਆਂ ਗਈਆਂ ਸਾਰੀਆਂ ਪ੍ਰਕਿਰਿਆਵਾਂ ਨੂੰ ਤੁਰੰਤ ਪ੍ਰਭਾਵ ਨਾਲ ਖਤਮ ਕੀਤਾ ਜਾਂਦਾ ਹੈ। ਉਨ੍ਹਾਂ ਕਿਹਾ ਕਿ ਉਪਰੋਕਤ ਹੁਕਮਾਂ ਦੀ ਪਾਲਣਾ ਕਰਦਿਆਂ, ਜਿਸ ਵਿੱਚ ਇਹ

ਵੀ ਕਿਹਾ ਗਿਆ ਹੈ, ਨਤੀਜੇ ਵਜੋਂ, ਇਹ ਹਦਾਇਤ ਕੀਤੀ ਜਾਂਦੀ ਹੈ ਕਿ ਗ੍ਰਾਮ ਪੰਚਾਇਤ ਜਗਤਪੁਰਾ, ਤਹਿਸੀਲ ਅਤੇ ਜ਼ਿਲ੍ਹਾ ਐਸ.ਏ.ਐਸ. ਨਗਰ (ਮੋਹਾਲੀ) ਦੀਆਂ ਚੋਣਾਂ 15 ਅਕਤੂਬਰ 2024, ਨੂੰ ਨਿਰਧਾਰਤ ਪ੍ਰੋਗਰਾਮ ਦੌਰਾਨ ਗ੍ਰਾਮ ਪੰਚਾਇਤ ਦੀਆਂ ਆਮ ਚੋਣਾਂ ਨਹੀਂ ਕਰਵਾਈਆਂ ਜਾਣਗੀਆਂ, ਪਰ ਕਮਿਸ਼ਨ ਦੁਆਰਾ ਵੱਖਰੇ ਤੌਰ 'ਤੇ ਐਸ.ਡੀ.ਐਮ.-ਕਮ-ਚੋਣਕਾਰ ਰਜਿਸਟ੍ਰੇਸ਼ਨ ਅਫ਼ਸਰ, ਐਸ.ਏ.ਐਸ.ਨਗਰ ਦੁਆਰਾ ਉਕਤ ਸ਼ਰਤਾਂ ਪੂਰੀਆਂ ਕਰਨ ਤੋਂ ਬਾਅਦ ਵਿੱਚ ਨਵਾਂ ਚੋਣ ਪ੍ਰੋਗਰਾਮ ਅਧਿਸੂਚਿਤ ਕੀਤਾ ਜਾਵੇਗਾ। ਡਿਪਟੀ ਕਮਿਸ਼ਨਰ-ਕਮ-ਜ਼ਿਲ੍ਹਾ ਚੋਣ ਅਫ਼ਸਰ, ਐਸ.ਏ.ਐਸ. ਨਗਰ (ਮੋਹਾਲੀ) ਗ੍ਰਾਮ ਪੰਚਾਇਤ ਜਗਤਪੁਰਾ ਨਾਲ ਸਬੰਧਤ ਚੋਣ ਪ੍ਰਕਿਰਿਆ ਨੂੰ ਮੁਅੱਤਲ ਕਰਨ ਲਈ ਉਪਰੋਕਤ ਹੁਕਮਾਂ ਅਨੁਸਾਰ ਲੋੜੀਂਦਾ ਤਾਲਮੇਲ ਨੂੰ ਯਕੀਨੀ ਬਣਾਉਣਗੇ, ਜ਼ਿਲ੍ਹਾ ਪ੍ਰਸ਼ਾਸਨ ਵੱਲੋਂ ਗ੍ਰਾਮ ਪੰਚਾਇਤ ਜਗਤਪੁਰਾ ਦੀ ਚੋਣ ਪ੍ਰਕਿਰਿਆ ਨੂੰ ਤੁਰੰਤ ਪ੍ਰਭਾਵ ਨਾਲ ਮੁਅੱਤਲ ਕਰ ਦਿੱਤਾ ਗਿਆ ਹੈ।
